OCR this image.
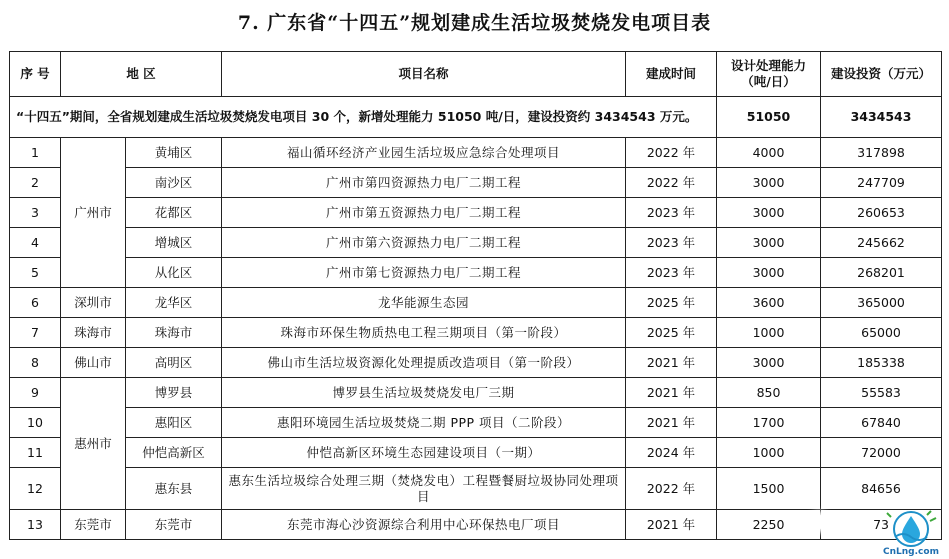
7. 广东省“十四五”规划建成生活垃圾焚烧发电项目表
序 号	地 区		项目名称	建成时间	设计处理能力（吨/日）	建设投资（万元）
“十四五”期间，全省规划建成生活垃圾焚烧发电项目 30 个，新增处理能力 51050 吨/日，建设投资约 3434543 万元。					51050	3434543
1	广州市	黄埔区	福山循环经济产业园生活垃圾应急综合处理项目	2022 年	4000	317898
2		南沙区	广州市第四资源热力电厂二期工程	2022 年	3000	247709
3		花都区	广州市第五资源热力电厂二期工程	2023 年	3000	260653
4		增城区	广州市第六资源热力电厂二期工程	2023 年	3000	245662
5		从化区	广州市第七资源热力电厂二期工程	2023 年	3000	268201
6	深圳市	龙华区	龙华能源生态园	2025 年	3600	365000
7	珠海市	珠海市	珠海市环保生物质热电工程三期项目（第一阶段）	2025 年	1000	65000
8	佛山市	高明区	佛山市生活垃圾资源化处理提质改造项目（第一阶段）	2021 年	3000	185338
9	惠州市	博罗县	博罗县生活垃圾焚烧发电厂三期	2021 年	850	55583
10		惠阳区	惠阳环境园生活垃圾焚烧二期 PPP 项目（二阶段）	2021 年	1700	67840
11		仲恺高新区	仲恺高新区环境生态园建设项目（一期）	2024 年	1000	72000
12		惠东县	惠东生活垃圾综合处理三期（焚烧发电）工程暨餐厨垃圾协同处理项目	2022 年	1500	84656
13	东莞市	东莞市	东莞市海心沙资源综合利用中心环保热电厂项目	2021 年	2250	73
CnLng.com
